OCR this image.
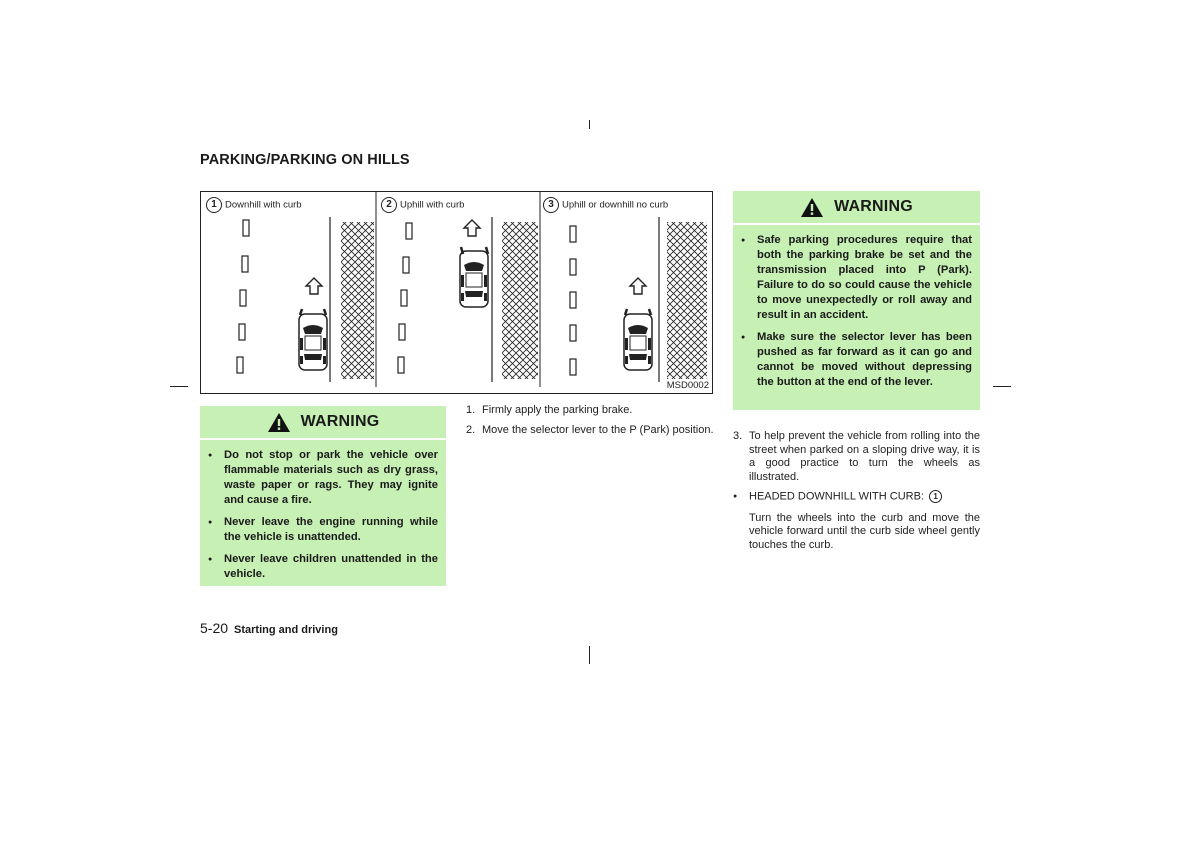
PARKING/PARKING ON HILLS
1 Downhill with curb	2 Uphill with curb	3 Uphill or downhill no curb
MSD0002
WARNING
● Do not stop or park the vehicle over flammable materials such as dry grass, waste paper or rags. They may ignite and cause a fire.
● Never leave the engine running while the vehicle is unattended.
● Never leave children unattended in the vehicle.
1. Firmly apply the parking brake.
2. Move the selector lever to the P (Park) position.
WARNING
● Safe parking procedures require that both the parking brake be set and the transmission placed into P (Park). Failure to do so could cause the vehicle to move unexpectedly or roll away and result in an accident.
● Make sure the selector lever has been pushed as far forward as it can go and cannot be moved without depressing the button at the end of the lever.
3. To help prevent the vehicle from rolling into the street when parked on a sloping drive way, it is a good practice to turn the wheels as illustrated.
● HEADED DOWNHILL WITH CURB: 1
Turn the wheels into the curb and move the vehicle forward until the curb side wheel gently touches the curb.
5-20 Starting and driving
